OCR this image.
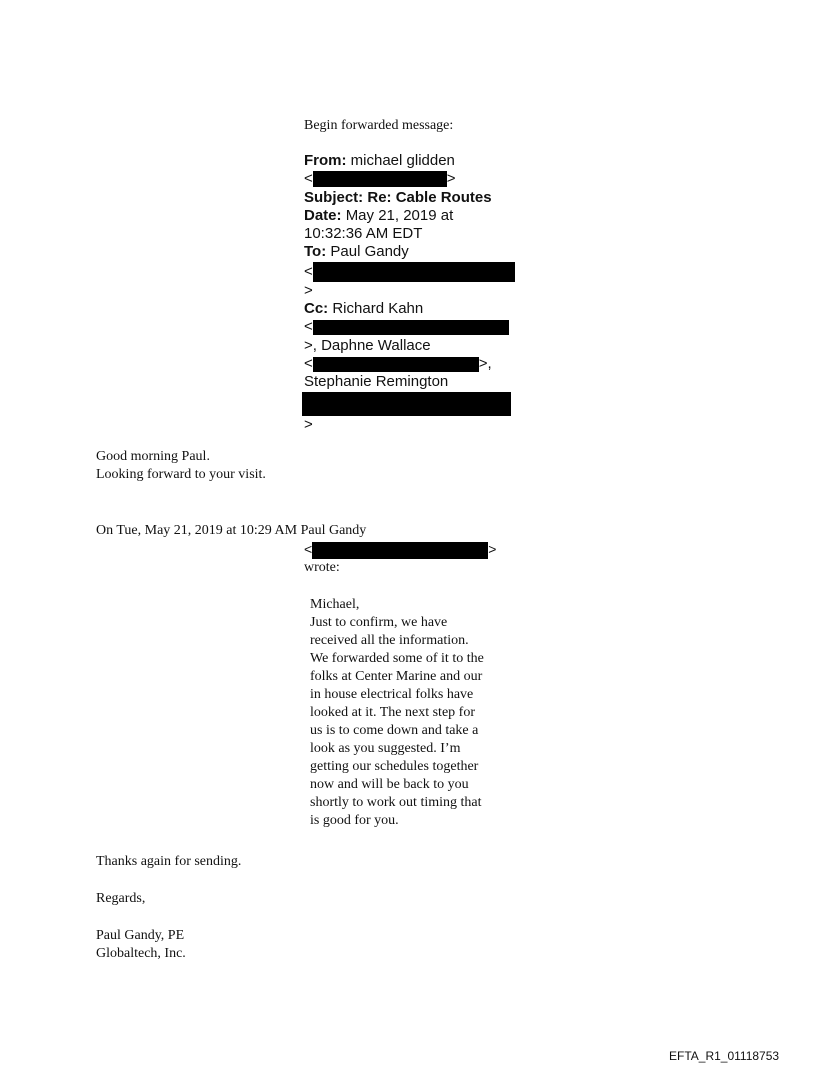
Begin forwarded message:
From: michael glidden
<	>
Subject: Re: Cable Routes
Date: May 21, 2019 at
10:32:36 AM EDT
To: Paul Gandy
<
>
Cc: Richard Kahn
<
>, Daphne Wallace
<	>,
Stephanie Remington
>
Good morning Paul.
Looking forward to your visit.
On Tue, May 21, 2019 at 10:29 AM Paul Gandy
<	>
wrote:
Michael,
Just to confirm, we have
received all the information.
We forwarded some of it to the
folks at Center Marine and our
in house electrical folks have
looked at it. The next step for
us is to come down and take a
look as you suggested. I’m
getting our schedules together
now and will be back to you
shortly to work out timing that
is good for you.
Thanks again for sending.
Regards,
Paul Gandy, PE
Globaltech, Inc.
EFTA_R1_01118753
